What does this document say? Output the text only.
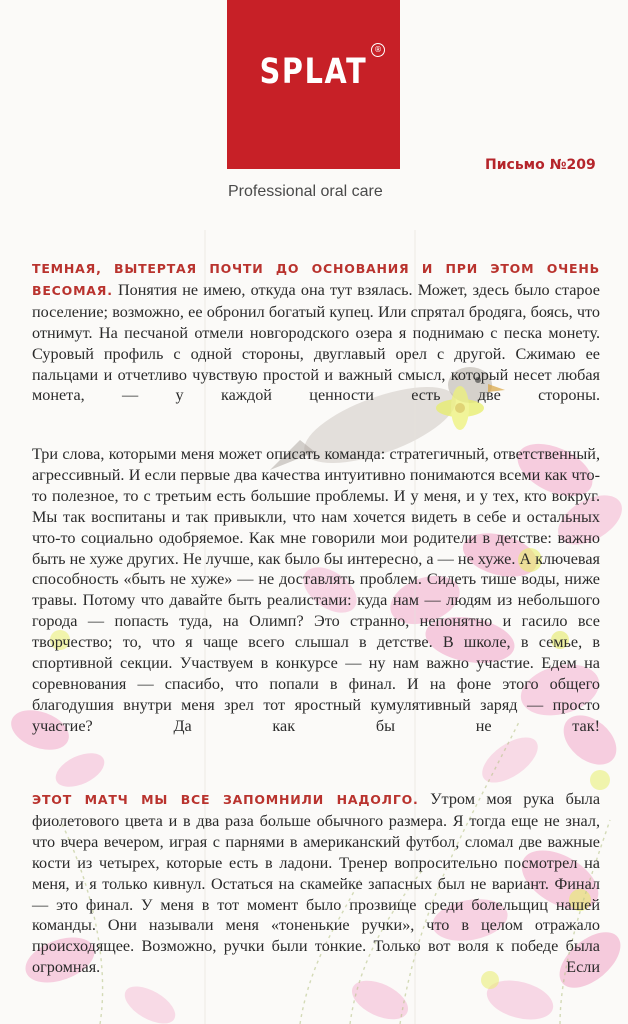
SPLAT
®
Professional oral care
Письмо №209

ТЕМНАЯ, ВЫТЕРТАЯ ПОЧТИ ДО ОСНОВАНИЯ И ПРИ ЭТОМ ОЧЕНЬ ВЕСОМАЯ. Понятия не имею, откуда она тут взялась. Может, здесь было старое поселение; возможно, ее обронил богатый купец. Или спрятал бродяга, боясь, что отнимут. На песчаной отмели новгородского озера я поднимаю с песка монету. Суровый профиль с одной стороны, двуглавый орел с другой. Сжимаю ее пальцами и отчетливо чувствую простой и важный смысл, который несет любая монета, — у каждой ценности есть две стороны.

Три слова, которыми меня может описать команда: стратегичный, ответственный, агрессивный. И если первые два качества интуитивно понимаются всеми как что-то полезное, то с третьим есть большие проблемы. И у меня, и у тех, кто вокруг. Мы так воспитаны и так привыкли, что нам хочется видеть в себе и остальных что-то социально одобряемое. Как мне говорили мои родители в детстве: важно быть не хуже других. Не лучше, как было бы интересно, а — не хуже. А ключевая способность «быть не хуже» — не доставлять проблем. Сидеть тише воды, ниже травы. Потому что давайте быть реалистами: куда нам — людям из небольшого города — попасть туда, на Олимп? Это странно, непонятно и гасило все творчество; то, что я чаще всего слышал в детстве. В школе, в семье, в спортивной секции. Участвуем в конкурсе — ну нам важно участие. Едем на соревнования — спасибо, что попали в финал. И на фоне этого общего благодушия внутри меня зрел тот яростный кумулятивный заряд — просто участие? Да как бы не так!

ЭТОТ МАТЧ МЫ ВСЕ ЗАПОМНИЛИ НАДОЛГО. Утром моя рука была фиолетового цвета и в два раза больше обычного размера. Я тогда еще не знал, что вчера вечером, играя с парнями в американский футбол, сломал две важные кости из четырех, которые есть в ладони. Тренер вопросительно посмотрел на меня, и я только кивнул. Остаться на скамейке запасных был не вариант. Финал — это финал. У меня в тот момент было прозвище среди болельщиц нашей команды. Они называли меня «тоненькие ручки», что в целом отражало происходящее. Возможно, ручки были тонкие. Только вот воля к победе была огромная. Если
